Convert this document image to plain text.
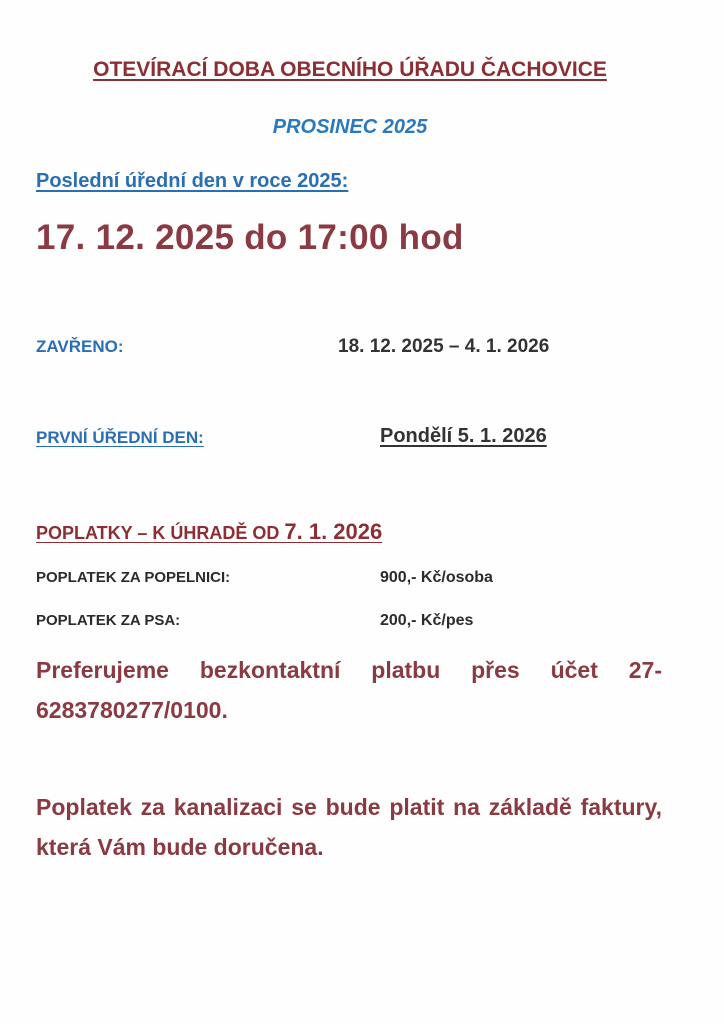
OTEVÍRACÍ DOBA OBECNÍHO ÚŘADU ČACHOVICE
PROSINEC 2025
Poslední úřední den v roce 2025:
17. 12. 2025 do 17:00 hod
ZAVŘENO:	18. 12. 2025 – 4. 1. 2026
PRVNÍ ÚŘEDNÍ DEN:	Pondělí 5. 1. 2026
POPLATKY – K ÚHRADĚ OD 7. 1. 2026
POPLATEK ZA POPELNICI:	900,- Kč/osoba
POPLATEK ZA PSA:	200,- Kč/pes
Preferujeme bezkontaktní platbu přes účet 27-6283780277/0100.
Poplatek za kanalizaci se bude platit na základě faktury, která Vám bude doručena.
